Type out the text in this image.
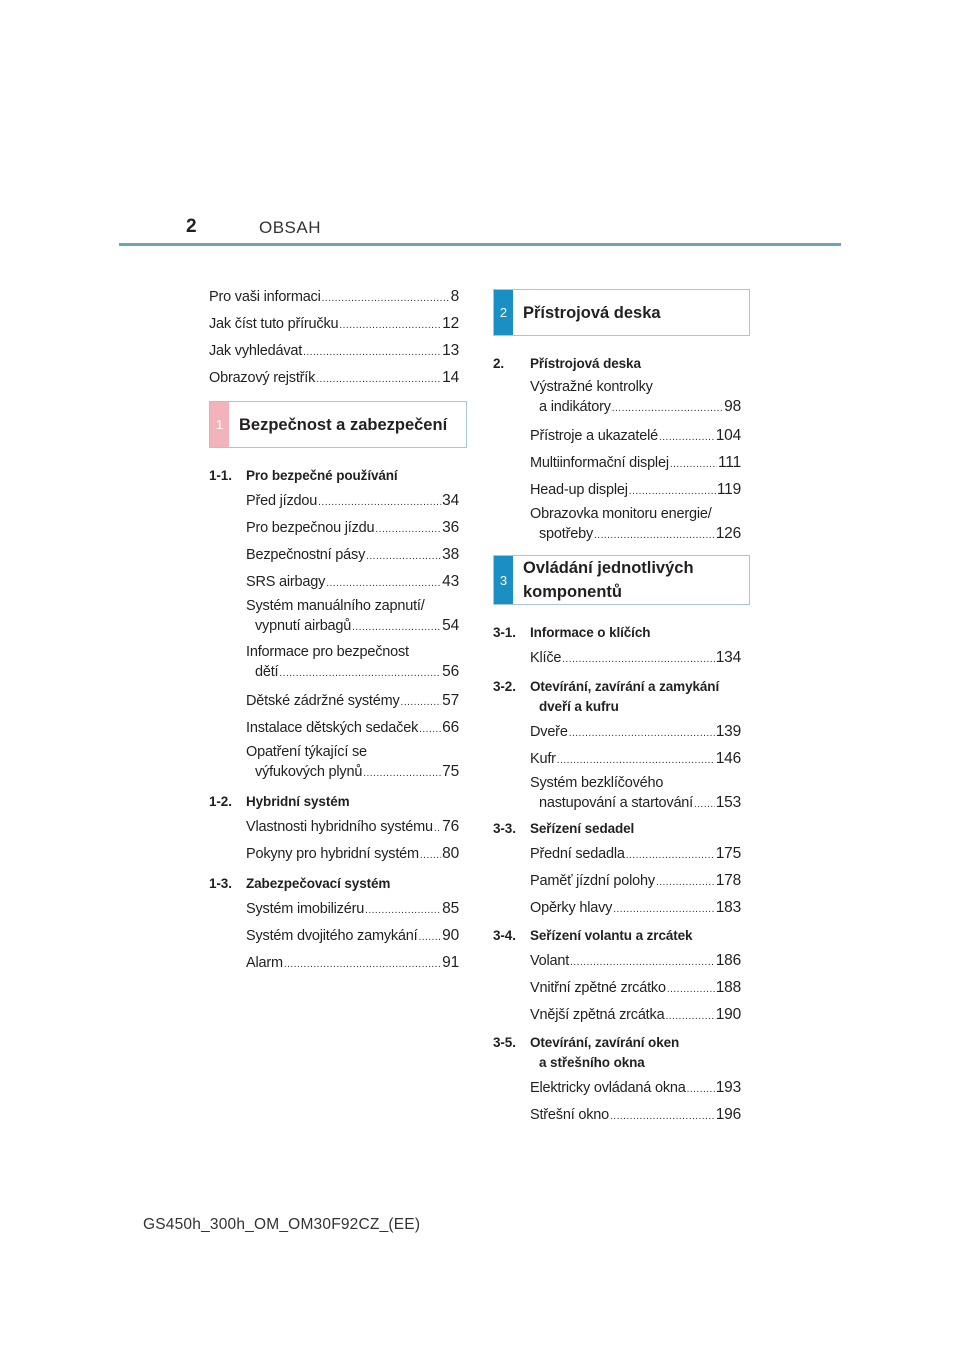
2	OBSAH
Pro vaši informaci .....	8
Jak číst tuto příručku .....	12
Jak vyhledávat .....	13
Obrazový rejstřík .....	14
1 Bezpečnost a zabezpečení
1-1.	Pro bezpečné používání
Před jízdou .....	34
Pro bezpečnou jízdu .....	36
Bezpečnostní pásy .....	38
SRS airbagy .....	43
Systém manuálního zapnutí/
vypnutí airbagů .....	54
Informace pro bezpečnost
dětí .....	56
Dětské zádržné systémy .....	57
Instalace dětských sedaček ..... 66
Opatření týkající se
výfukových plynů .....	75
1-2.	Hybridní systém
Vlastnosti hybridního systému ..... 76
Pokyny pro hybridní systém ..... 80
1-3.	Zabezpečovací systém
Systém imobilizéru .....	85
Systém dvojitého zamykání ..... 90
Alarm .....	91
2 Přístrojová deska
2.	Přístrojová deska
Výstražné kontrolky
a indikátory .....	98
Přístroje a ukazatelé .....	104
Multiinformační displej .....	111
Head-up displej .....	119
Obrazovka monitoru energie/
spotřeby .....	126
3
Ovládání jednotlivých
komponentů
3-1.	Informace o klíčích
Klíče .....	134
3-2.	Otevírání, zavírání a zamykání
dveří a kufru
Dveře .....	139
Kufr .....	146
Systém bezklíčového
nastupování a startování ..... 153
3-3.	Seřízení sedadel
Přední sedadla .....	175
Paměť jízdní polohy .....	178
Opěrky hlavy .....	183
3-4.	Seřízení volantu a zrcátek
Volant .....	186
Vnitřní zpětné zrcátko .....	188
Vnější zpětná zrcátka .....	190
3-5.	Otevírání, zavírání oken
a střešního okna
Elektricky ovládaná okna ..... 193
Střešní okno .....	196
GS450h_300h_OM_OM30F92CZ_(EE)
